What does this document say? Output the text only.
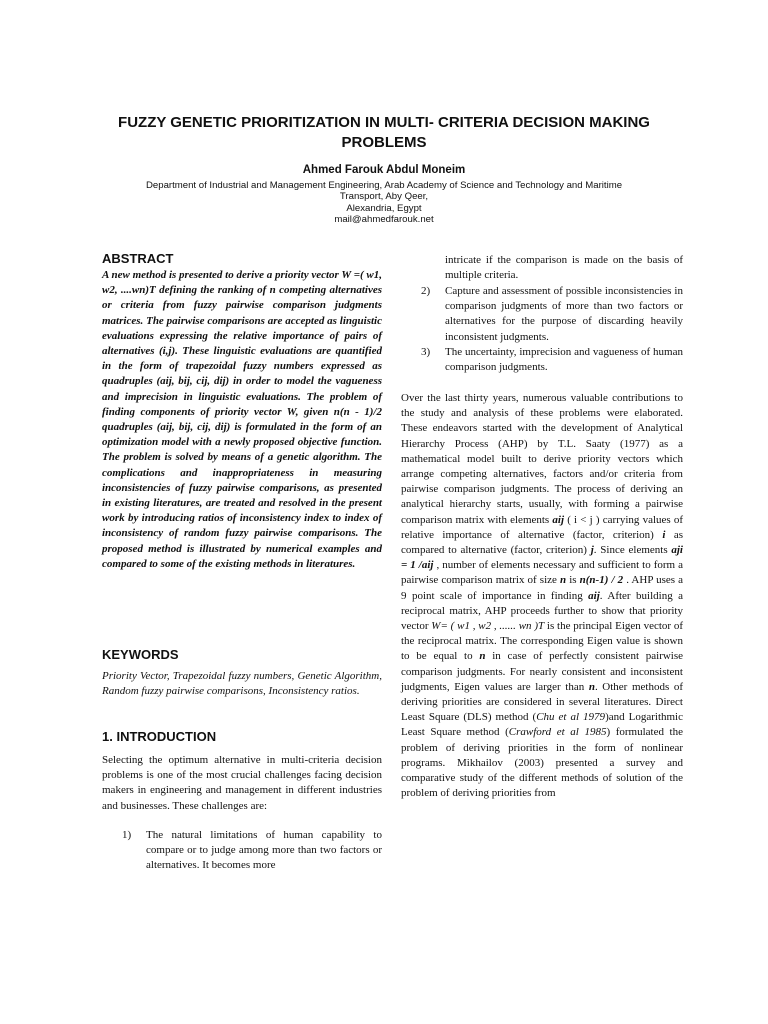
FUZZY GENETIC PRIORITIZATION IN MULTI- CRITERIA DECISION MAKING PROBLEMS
Ahmed Farouk Abdul Moneim
Department of Industrial and Management Engineering, Arab Academy of Science and Technology and Maritime
Transport, Aby Qeer,
Alexandria, Egypt
mail@ahmedfarouk.net
ABSTRACT

A new method is presented to derive a priority vector W =( w1, w2, ....wn)T defining the ranking of n competing alternatives or criteria from fuzzy pairwise comparison judgments matrices. The pairwise comparisons are accepted as linguistic evaluations expressing the relative importance of pairs of alternatives (i,j). These linguistic evaluations are quantified in the form of trapezoidal fuzzy numbers expressed as quadruples (aij, bij, cij, dij) in order to model the vagueness and imprecision in linguistic evaluations. The problem of finding components of priority vector W, given n(n - 1)/2 quadruples (aij, bij, cij, dij) is formulated in the form of an optimization model with a newly proposed objective function. The problem is solved by means of a genetic algorithm. The complications and inappropriateness in measuring inconsistencies of fuzzy pairwise comparisons, as presented in existing literatures, are treated and resolved in the present work by introducing ratios of inconsistency index to index of inconsistency of random fuzzy pairwise comparisons. The proposed method is illustrated by numerical examples and compared to some of the existing methods in literatures.

KEYWORDS

Priority Vector, Trapezoidal fuzzy numbers, Genetic Algorithm, Random fuzzy pairwise comparisons, Inconsistency ratios.

1. INTRODUCTION

Selecting the optimum alternative in multi-criteria decision problems is one of the most crucial challenges facing decision makers in engineering and management in different industries and businesses. These challenges are:

1) The natural limitations of human capability to compare or to judge among more than two factors or alternatives. It becomes more

intricate if the comparison is made on the basis of multiple criteria.

2) Capture and assessment of possible inconsistencies in comparison judgments of more than two factors or alternatives for the purpose of discarding heavily inconsistent judgments.
3) The uncertainty, imprecision and vagueness of human comparison judgments.

Over the last thirty years, numerous valuable contributions to the study and analysis of these problems were elaborated. These endeavors started with the development of Analytical Hierarchy Process (AHP) by T.L. Saaty (1977) as a mathematical model built to derive priority vectors which arrange competing alternatives, factors and/or criteria from pairwise comparison judgments. The process of deriving an analytical hierarchy starts, usually, with forming a pairwise comparison matrix with elements aij ( i < j ) carrying values of relative importance of alternative (factor, criterion) i as compared to alternative (factor, criterion) j. Since elements aji = 1 /aij , number of elements necessary and sufficient to form a pairwise comparison matrix of size n is n(n-1) / 2 . AHP uses a 9 point scale of importance in finding aij. After building a reciprocal matrix, AHP proceeds further to show that priority vector W= ( w1 , w2 , ...... wn )T is the principal Eigen vector of the reciprocal matrix. The corresponding Eigen value is shown to be equal to n in case of perfectly consistent pairwise comparison judgments. For nearly consistent and inconsistent judgments, Eigen values are larger than n. Other methods of deriving priorities are considered in several literatures. Direct Least Square (DLS) method (Chu et al 1979)and Logarithmic Least Square method (Crawford et al 1985) formulated the problem of deriving priorities in the form of nonlinear programs. Mikhailov (2003) presented a survey and comparative study of the different methods of solution of the problem of deriving priorities from
